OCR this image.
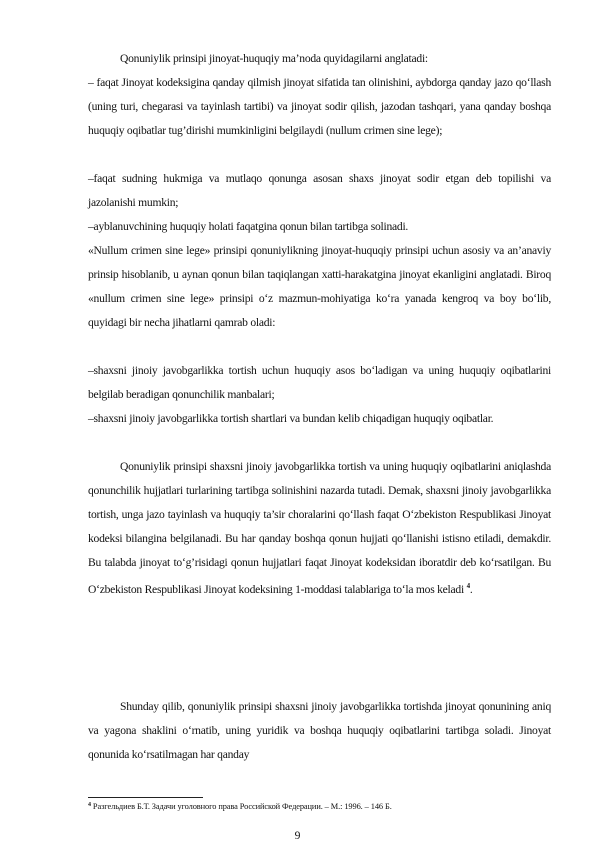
Qonuniylik prinsipi jinoyat-huquqiy ma’noda quyidagilarni anglatadi:

– faqat Jinoyat kodeksigina qanday qilmish jinoyat sifatida tan olinishini, aybdorga qanday jazo qo‘llash (uning turi, chegarasi va tayinlash tartibi) va jinoyat sodir qilish, jazodan tashqari, yana qanday boshqa huquqiy oqibatlar tug’dirishi mumkinligini belgilaydi (nullum crimen sine lege);

–faqat sudning hukmiga va mutlaqo qonunga asosan shaxs jinoyat sodir etgan deb topilishi va jazolanishi mumkin;

–ayblanuvchining huquqiy holati faqatgina qonun bilan tartibga solinadi.

«Nullum crimen sine lege» prinsipi qonuniylikning jinoyat-huquqiy prinsipi uchun asosiy va an’anaviy prinsip hisoblanib, u aynan qonun bilan taqiqlangan xatti-harakatgina jinoyat ekanligini anglatadi. Biroq «nullum crimen sine lege» prinsipi o‘z mazmun-mohiyatiga ko‘ra yanada kengroq va boy bo‘lib, quyidagi bir necha jihatlarni qamrab oladi:

–shaxsni jinoiy javobgarlikka tortish uchun huquqiy asos bo‘ladigan va uning huquqiy oqibatlarini belgilab beradigan qonunchilik manbalari;

–shaxsni jinoiy javobgarlikka tortish shartlari va bundan kelib chiqadigan huquqiy oqibatlar.

Qonuniylik prinsipi shaxsni jinoiy javobgarlikka tortish va uning huquqiy oqibatlarini aniqlashda qonunchilik hujjatlari turlarining tartibga solinishini nazarda tutadi. Demak, shaxsni jinoiy javobgarlikka tortish, unga jazo tayinlash va huquqiy ta’sir choralarini qo‘llash faqat O‘zbekiston Respublikasi Jinoyat kodeksi bilangina belgilanadi. Bu har qanday boshqa qonun hujjati qo‘llanishi istisno etiladi, demakdir. Bu talabda jinoyat to‘g’risidagi qonun hujjatlari faqat Jinoyat kodeksidan iboratdir deb ko‘rsatilgan. Bu O‘zbekiston Respublikasi Jinoyat kodeksining 1-moddasi talablariga to‘la mos keladi $^4$.

Shunday qilib, qonuniylik prinsipi shaxsni jinoiy javobgarlikka tortishda jinoyat qonunining aniq va yagona shaklini o‘rnatib, uning yuridik va boshqa huquqiy oqibatlarini tartibga soladi. Jinoyat qonunida ko‘rsatilmagan har qanday

$^4$ Разгельдиев Б.Т. Задачи уголовного права Российской Федерации. – М.: 1996. – 146 Б.
9
